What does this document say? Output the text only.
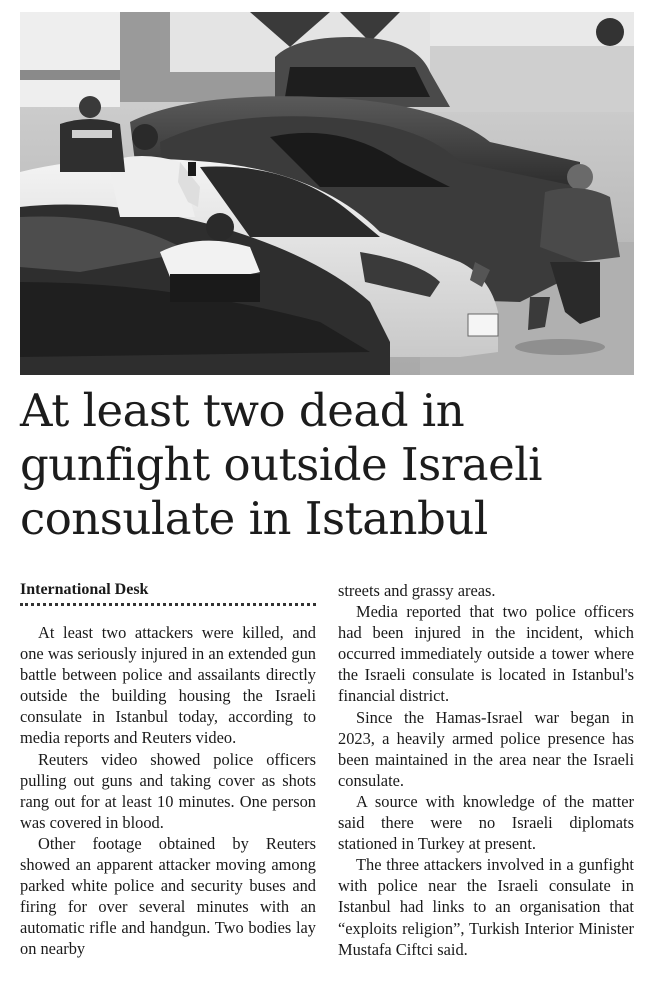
At least two dead in
gunfight outside Israeli
consulate in Istanbul
International Desk

At least two attackers were killed, and one was seriously injured in an extended gun battle between police and assailants directly outside the building housing the Israeli consulate in Istanbul today, according to media reports and Reuters video.

Reuters video showed police officers pulling out guns and taking cover as shots rang out for at least 10 minutes. One person was covered in blood.

Other footage obtained by Reuters showed an apparent attacker moving among parked white police and security buses and firing for over several minutes with an automatic rifle and handgun. Two bodies lay on nearby

streets and grassy areas.

Media reported that two police officers had been injured in the incident, which occurred immediately outside a tower where the Israeli consulate is located in Istanbul's financial district.

Since the Hamas-Israel war began in 2023, a heavily armed police presence has been maintained in the area near the Israeli consulate.

A source with knowledge of the matter said there were no Israeli diplomats stationed in Turkey at present.

The three attackers involved in a gunfight with police near the Israeli consulate in Istanbul had links to an organisation that “exploits religion”, Turkish Interior Minister Mustafa Ciftci said.
